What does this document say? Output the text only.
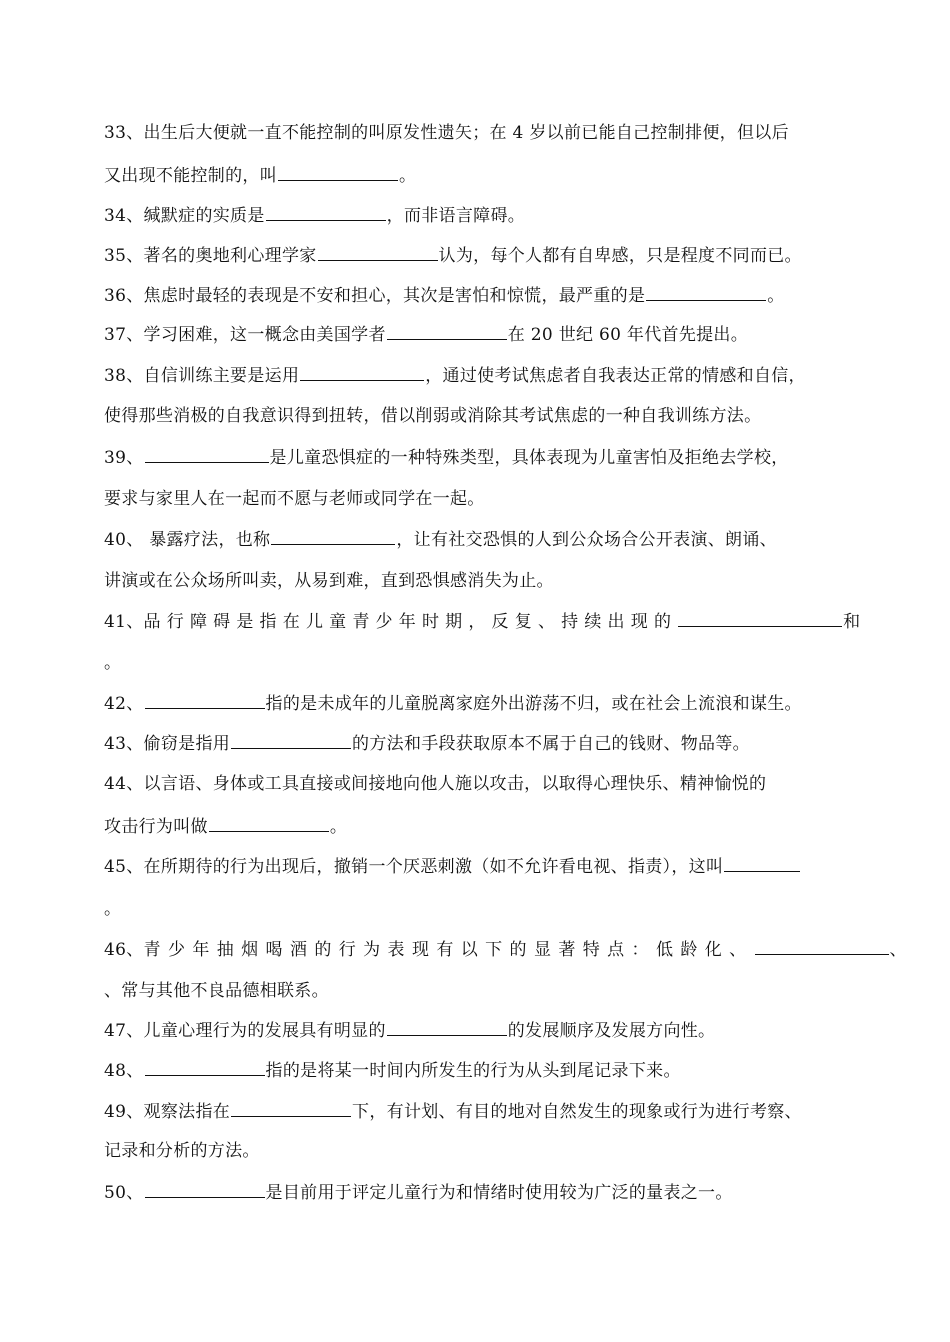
33、出生后大便就一直不能控制的叫原发性遗矢；在 4 岁以前已能自己控制排便，但以后
又出现不能控制的，叫	。
34、缄默症的实质是	，而非语言障碍。
35、著名的奥地利心理学家	认为，每个人都有自卑感，只是程度不同而已。
36、焦虑时最轻的表现是不安和担心，其次是害怕和惊慌，最严重的是	。
37、学习困难，这一概念由美国学者	在 20 世纪 60 年代首先提出。
38、自信训练主要是运用	，通过使考试焦虑者自我表达正常的情感和自信，
使得那些消极的自我意识得到扭转，借以削弱或消除其考试焦虑的一种自我训练方法。
39、	是儿童恐惧症的一种特殊类型，具体表现为儿童害怕及拒绝去学校，
要求与家里人在一起而不愿与老师或同学在一起。
40、 暴露疗法，也称	，让有社交恐惧的人到公众场合公开表演、朗诵、
讲演或在公众场所叫卖，从易到难，直到恐惧感消失为止。
41、品行障碍是指在儿童青少年时期，反复、持续出现的	和
。
42、	指的是未成年的儿童脱离家庭外出游荡不归，或在社会上流浪和谋生。
43、偷窃是指用	的方法和手段获取原本不属于自己的钱财、物品等。
44、以言语、身体或工具直接或间接地向他人施以攻击，以取得心理快乐、精神愉悦的
攻击行为叫做	。
45、在所期待的行为出现后，撤销一个厌恶刺激（如不允许看电视、指责），这叫
。
46、青少年抽烟喝酒的行为表现有以下的显著特点：低龄化、	、
、常与其他不良品德相联系。
47、儿童心理行为的发展具有明显的	的发展顺序及发展方向性。
48、	指的是将某一时间内所发生的行为从头到尾记录下来。
49、观察法指在	下，有计划、有目的地对自然发生的现象或行为进行考察、
记录和分析的方法。
50、	是目前用于评定儿童行为和情绪时使用较为广泛的量表之一。
